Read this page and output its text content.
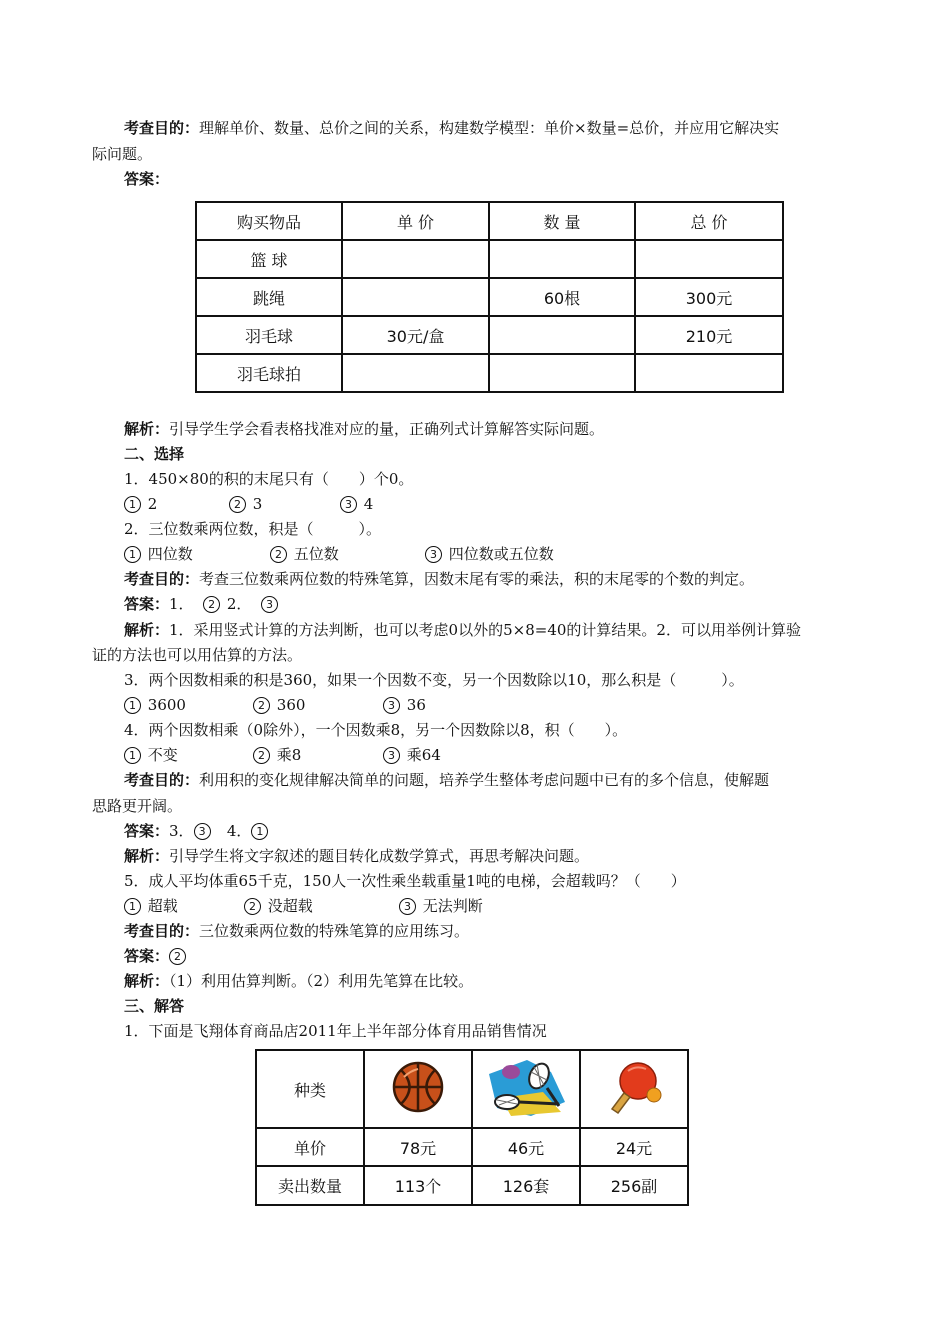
考查目的：理解单价、数量、总价之间的关系，构建数学模型：单价×数量=总价，并应用它解决实
际问题。
答案：
购买物品	单 价	数 量	总 价
篮 球			
跳绳		60根	300元
羽毛球	30元/盒		210元
羽毛球拍			
解析：引导学生学会看表格找准对应的量，正确列式计算解答实际问题。
二、选择
1．450×80的积的末尾只有（　　）个0。
1 2	2 3	3 4
2．三位数乘两位数，积是（　　　）。
1 四位数	2 五位数	3 四位数或五位数
考查目的：考查三位数乘两位数的特殊笔算，因数末尾有零的乘法，积的末尾零的个数的判定。
答案：1． 2 2． 3
解析：1．采用竖式计算的方法判断，也可以考虑0以外的5×8=40的计算结果。2．可以用举例计算验
证的方法也可以用估算的方法。
3．两个因数相乘的积是360，如果一个因数不变，另一个因数除以10，那么积是（　　　）。
1 3600	2 360	3 36
4．两个因数相乘（0除外），一个因数乘8，另一个因数除以8，积（　　）。
1 不变	2 乘8	3 乘64
考查目的：利用积的变化规律解决简单的问题，培养学生整体考虑问题中已有的多个信息，使解题
思路更开阔。
答案：3． 3 4． 1
解析：引导学生将文字叙述的题目转化成数学算式，再思考解决问题。
5．成人平均体重65千克，150人一次性乘坐载重量1吨的电梯，会超载吗？（　　）
1 超载	2 没超载	3 无法判断
考查目的：三位数乘两位数的特殊笔算的应用练习。
答案： 2
解析：（1）利用估算判断。（2）利用先笔算在比较。
三、解答
1．下面是飞翔体育商品店2011年上半年部分体育用品销售情况
种类			
单价	78元	46元	24元
卖出数量	113个	126套	256副
